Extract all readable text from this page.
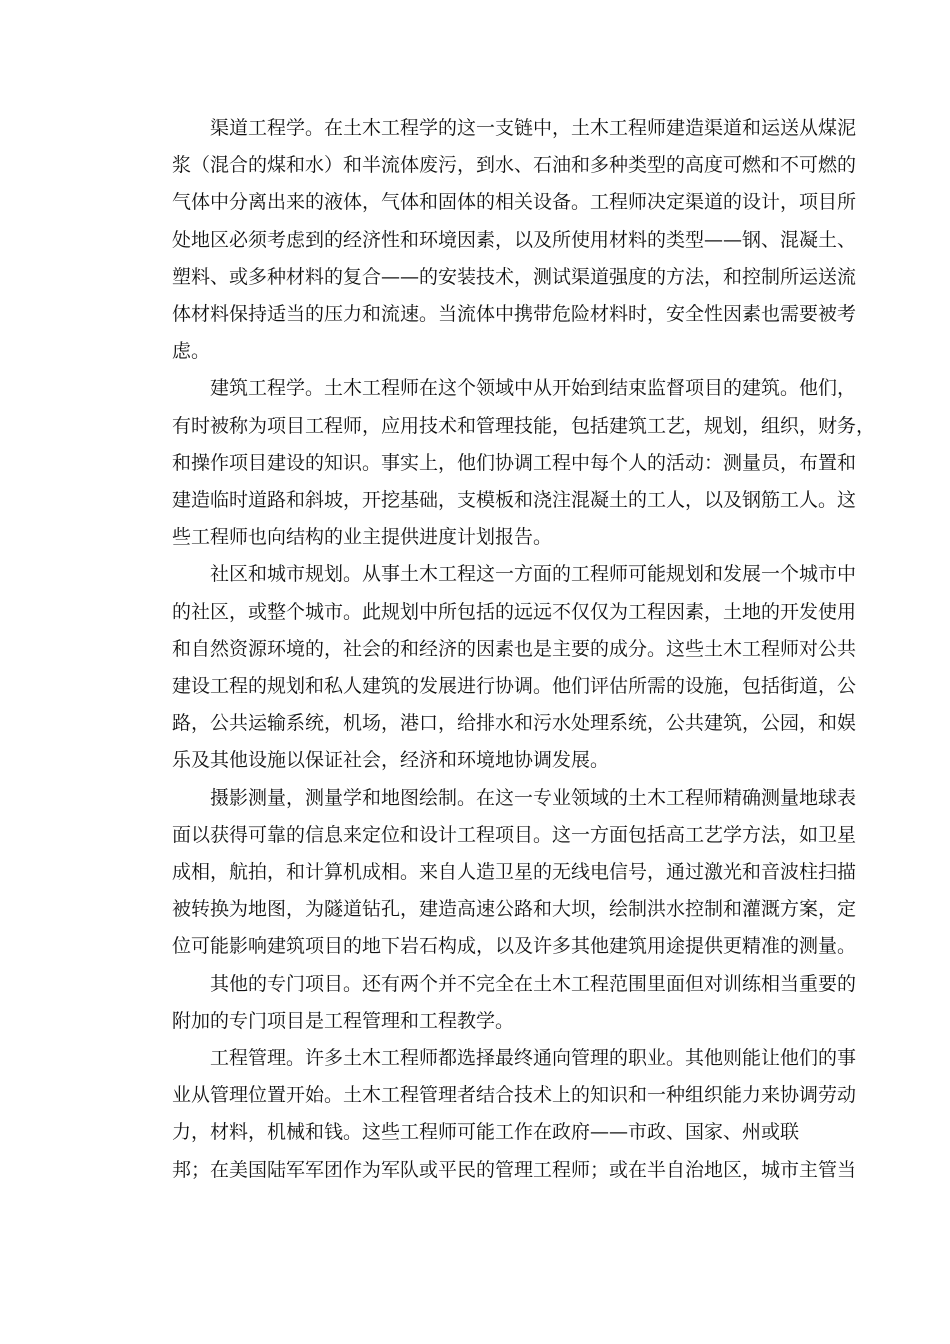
渠道工程学。在土木工程学的这一支链中，土木工程师建造渠道和运送从煤泥
浆（混合的煤和水）和半流体废污，到水、石油和多种类型的高度可燃和不可燃的
气体中分离出来的液体，气体和固体的相关设备。工程师决定渠道的设计，项目所
处地区必须考虑到的经济性和环境因素，以及所使用材料的类型——钢、混凝土、
塑料、或多种材料的复合——的安装技术，测试渠道强度的方法，和控制所运送流
体材料保持适当的压力和流速。当流体中携带危险材料时，安全性因素也需要被考
虑。
建筑工程学。土木工程师在这个领域中从开始到结束监督项目的建筑。他们，
有时被称为项目工程师，应用技术和管理技能，包括建筑工艺，规划，组织，财务，
和操作项目建设的知识。事实上，他们协调工程中每个人的活动：测量员，布置和
建造临时道路和斜坡，开挖基础，支模板和浇注混凝土的工人，以及钢筋工人。这
些工程师也向结构的业主提供进度计划报告。
社区和城市规划。从事土木工程这一方面的工程师可能规划和发展一个城市中
的社区，或整个城市。此规划中所包括的远远不仅仅为工程因素，土地的开发使用
和自然资源环境的，社会的和经济的因素也是主要的成分。这些土木工程师对公共
建设工程的规划和私人建筑的发展进行协调。他们评估所需的设施，包括街道，公
路，公共运输系统，机场，港口，给排水和污水处理系统，公共建筑，公园，和娱
乐及其他设施以保证社会，经济和环境地协调发展。
摄影测量，测量学和地图绘制。在这一专业领域的土木工程师精确测量地球表
面以获得可靠的信息来定位和设计工程项目。这一方面包括高工艺学方法，如卫星
成相，航拍，和计算机成相。来自人造卫星的无线电信号，通过激光和音波柱扫描
被转换为地图，为隧道钻孔，建造高速公路和大坝，绘制洪水控制和灌溉方案，定
位可能影响建筑项目的地下岩石构成，以及许多其他建筑用途提供更精准的测量。
其他的专门项目。还有两个并不完全在土木工程范围里面但对训练相当重要的
附加的专门项目是工程管理和工程教学。
工程管理。许多土木工程师都选择最终通向管理的职业。其他则能让他们的事
业从管理位置开始。土木工程管理者结合技术上的知识和一种组织能力来协调劳动
力，材料，机械和钱。这些工程师可能工作在政府——市政、国家、州或联
邦；在美国陆军军团作为军队或平民的管理工程师；或在半自治地区，城市主管当
